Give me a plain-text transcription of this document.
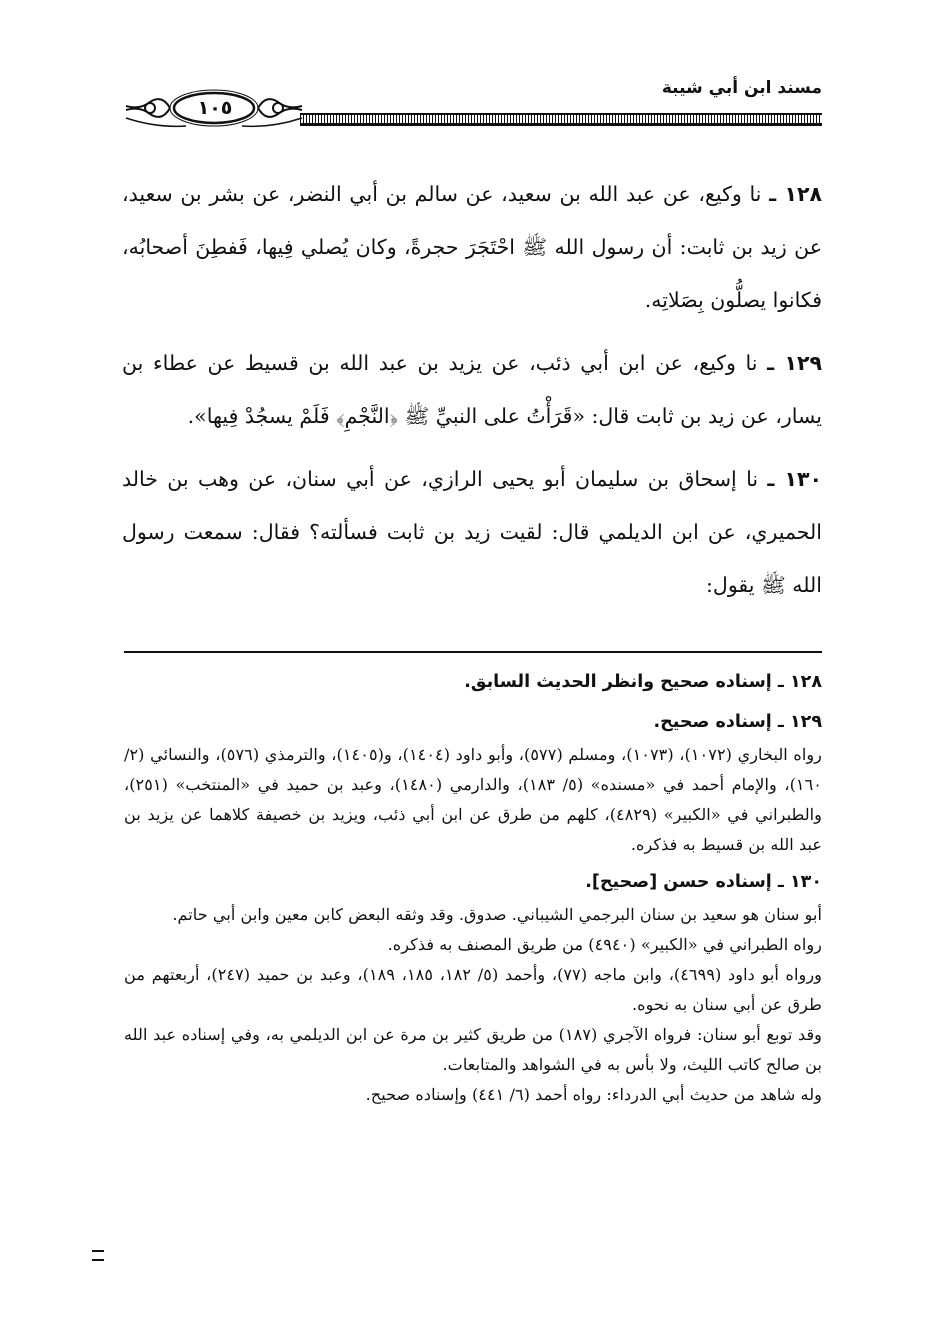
مسند ابن أبي شيبة
١٠٥

١٢٨ ـ نا وكيع، عن عبد الله بن سعيد، عن سالم بن أبي النضر، عن بشر بن سعيد، عن زيد بن ثابت: أن رسول الله ﷺ احْتَجَرَ حجرةً، وكان يُصلي فِيها، فَفطِنَ أصحابُه، فكانوا يصلُّون بِصَلاتِه.

١٢٩ ـ نا وكيع، عن ابن أبي ذئب، عن يزيد بن عبد الله بن قسيط عن عطاء بن يسار، عن زيد بن ثابت قال: «قَرَأْتُ على النبيِّ ﷺ ﴿النَّجْمِ﴾ فَلَمْ يسجُدْ فِيها».

١٣٠ ـ نا إسحاق بن سليمان أبو يحيى الرازي، عن أبي سنان، عن وهب بن خالد الحميري، عن ابن الديلمي قال: لقيت زيد بن ثابت فسألته؟ فقال: سمعت رسول الله ﷺ يقول:

١٢٨ ـ إسناده صحيح وانظر الحديث السابق.
١٢٩ ـ إسناده صحيح.
رواه البخاري (١٠٧٢)، (١٠٧٣)، ومسلم (٥٧٧)، وأبو داود (١٤٠٤)، و(١٤٠٥)، والترمذي (٥٧٦)، والنسائي (٢/ ١٦٠)، والإمام أحمد في «مسنده» (٥/ ١٨٣)، والدارمي (١٤٨٠)، وعبد بن حميد في «المنتخب» (٢٥١)، والطبراني في «الكبير» (٤٨٢٩)، كلهم من طرق عن ابن أبي ذئب، ويزيد بن خصيفة كلاهما عن يزيد بن عبد الله بن قسيط به فذكره.
١٣٠ ـ إسناده حسن [صحيح].
أبو سنان هو سعيد بن سنان البرجمي الشيباني. صدوق. وقد وثقه البعض كابن معين وابن أبي حاتم.
رواه الطبراني في «الكبير» (٤٩٤٠) من طريق المصنف به فذكره.
ورواه أبو داود (٤٦٩٩)، وابن ماجه (٧٧)، وأحمد (٥/ ١٨٢، ١٨٥، ١٨٩)، وعبد بن حميد (٢٤٧)، أربعتهم من طرق عن أبي سنان به نحوه.
وقد توبع أبو سنان: فرواه الآجري (١٨٧) من طريق كثير بن مرة عن ابن الديلمي به، وفي إسناده عبد الله بن صالح كاتب الليث، ولا بأس به في الشواهد والمتابعات.
وله شاهد من حديث أبي الدرداء: رواه أحمد (٦/ ٤٤١) وإسناده صحيح.
